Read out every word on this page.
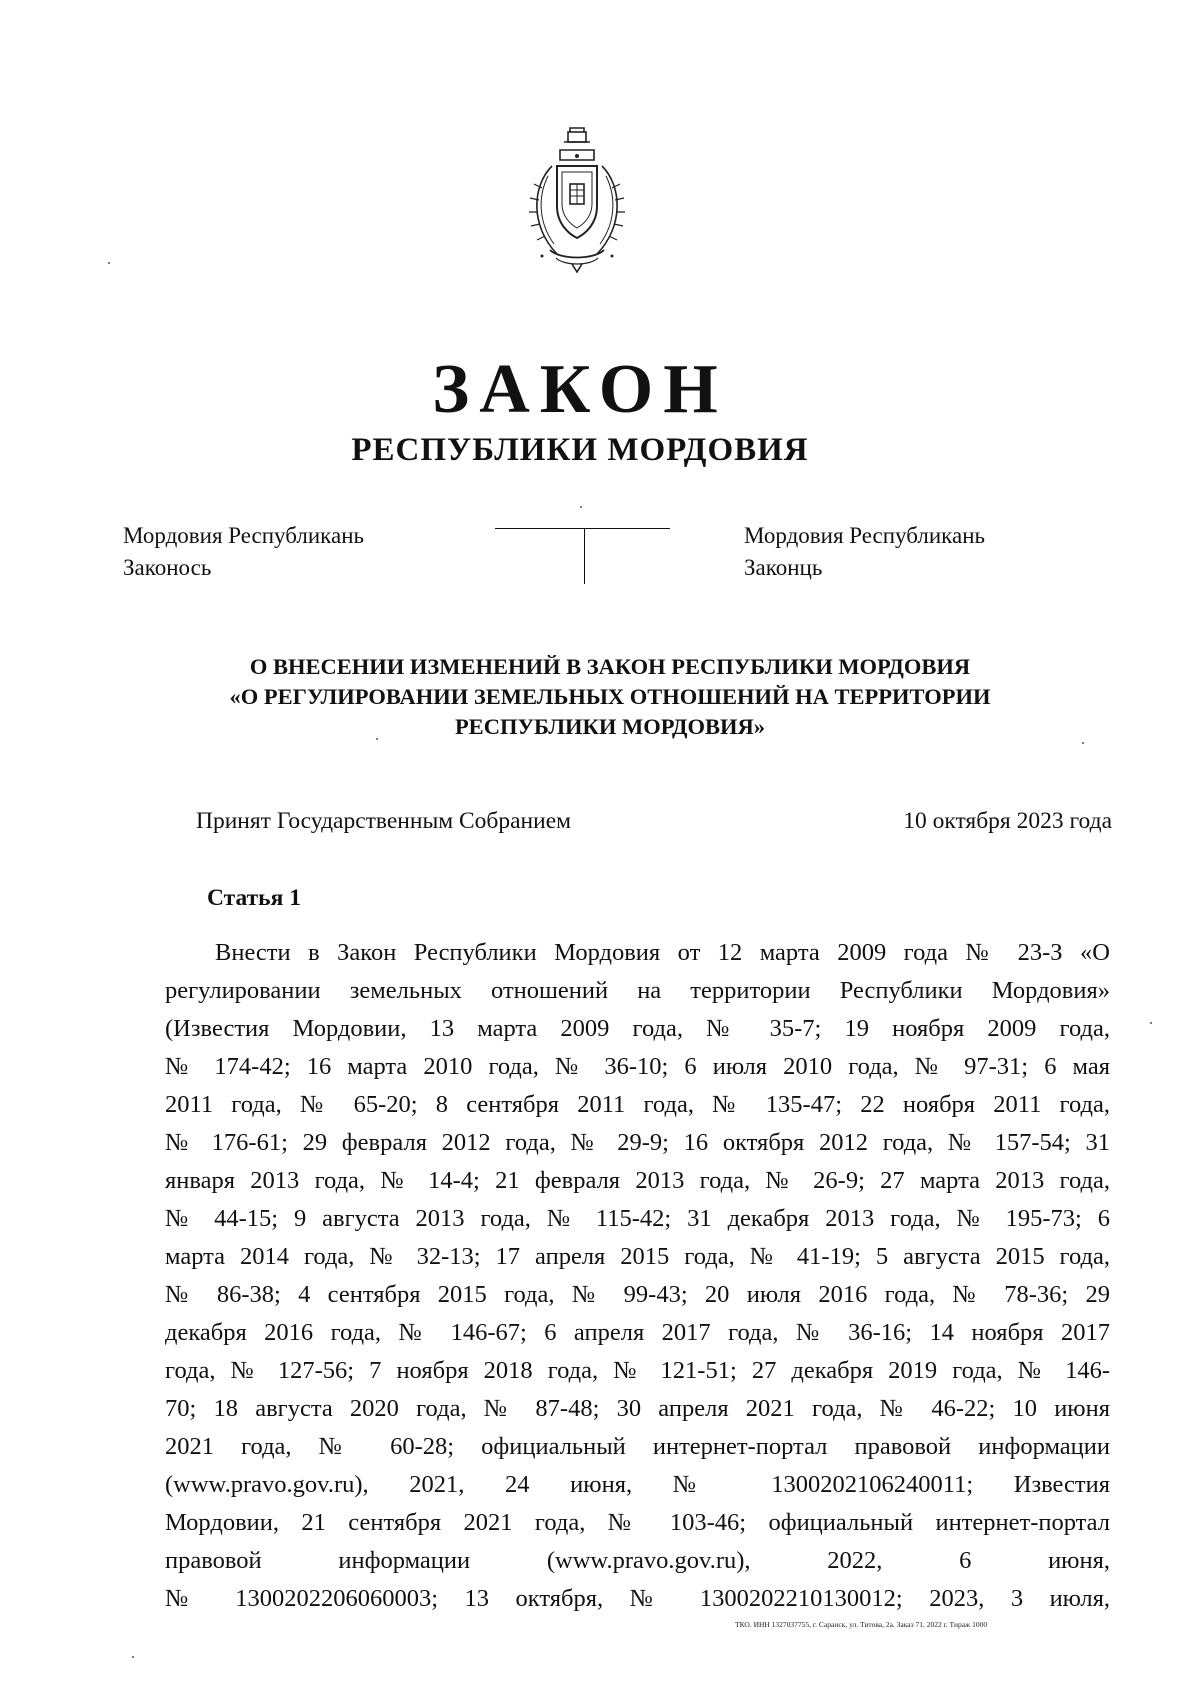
ЗАКОН
РЕСПУБЛИКИ МОРДОВИЯ
Мордовия Республикань
Законось
Мордовия Республикань
Законць
О ВНЕСЕНИИ ИЗМЕНЕНИЙ В ЗАКОН РЕСПУБЛИКИ МОРДОВИЯ
«О РЕГУЛИРОВАНИИ ЗЕМЕЛЬНЫХ ОТНОШЕНИЙ НА ТЕРРИТОРИИ
РЕСПУБЛИКИ МОРДОВИЯ»
Принят Государственным Собранием	10 октября 2023 года
Статья 1
Внести в Закон Республики Мордовия от 12 марта 2009 года № 23-З «О
регулировании земельных отношений на территории Республики Мордовия»
(Известия Мордовии, 13 марта 2009 года, № 35-7; 19 ноября 2009 года,
№ 174-42; 16 марта 2010 года, № 36-10; 6 июля 2010 года, № 97-31; 6 мая
2011 года, № 65-20; 8 сентября 2011 года, № 135-47; 22 ноября 2011 года,
№ 176-61; 29 февраля 2012 года, № 29-9; 16 октября 2012 года, № 157-54; 31
января 2013 года, № 14-4; 21 февраля 2013 года, № 26-9; 27 марта 2013 года,
№ 44-15; 9 августа 2013 года, № 115-42; 31 декабря 2013 года, № 195-73; 6
марта 2014 года, № 32-13; 17 апреля 2015 года, № 41-19; 5 августа 2015 года,
№ 86-38; 4 сентября 2015 года, № 99-43; 20 июля 2016 года, № 78-36; 29
декабря 2016 года, № 146-67; 6 апреля 2017 года, № 36-16; 14 ноября 2017
года, № 127-56; 7 ноября 2018 года, № 121-51; 27 декабря 2019 года, № 146-
70; 18 августа 2020 года, № 87-48; 30 апреля 2021 года, № 46-22; 10 июня
2021 года, № 60-28; официальный интернет-портал правовой информации
(www.pravo.gov.ru), 2021, 24 июня, № 1300202106240011; Известия
Мордовии, 21 сентября 2021 года, № 103-46; официальный интернет-портал
правовой информации (www.pravo.gov.ru), 2022, 6 июня,
№ 1300202206060003; 13 октября, № 1300202210130012; 2023, 3 июля,
ТКО. ИНН 1327037755, г. Саранск, ул. Титова, 2а. Заказ 71. 2022 г. Тираж 1000
